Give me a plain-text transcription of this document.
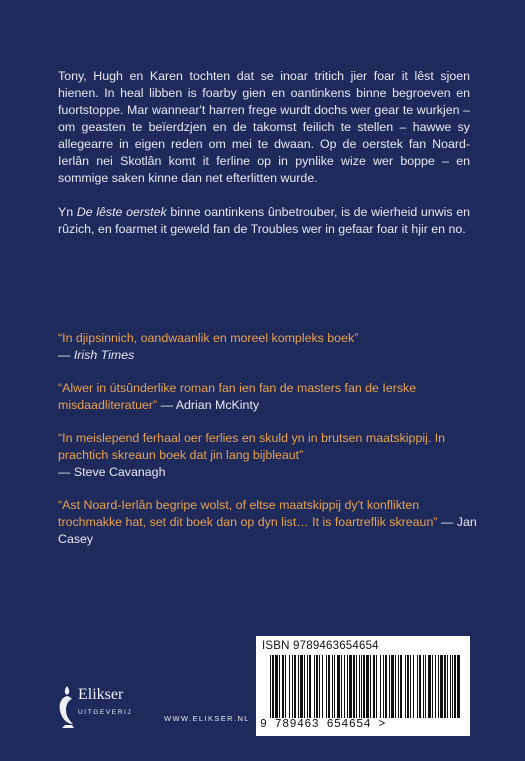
Tony, Hugh en Karen tochten dat se inoar tritich jier foar it lêst sjoen hienen. In heal libben is foarby gien en oantinkens binne begroeven en fuortstoppe. Mar wannear't harren frege wurdt dochs wer gear te wurkjen – om geasten te beïerdzjen en de takomst feilich te stellen – hawwe sy allegearre in eigen reden om mei te dwaan. Op de oerstek fan Noard-Ierlân nei Skotlân komt it ferline op in pynlike wize wer boppe – en sommige saken kinne dan net efterlitten wurde.

Yn De lêste oerstek binne oantinkens ûnbetrouber, is de wierheid unwis en rûzich, en foarmet it geweld fan de Troubles wer in gefaar foar it hjir en no.

“In djipsinnich, oandwaanlik en moreel kompleks boek”
— Irish Times
“Alwer in útsûnderlike roman fan ien fan de masters fan de Ierske misdaadliteratuer” — Adrian McKinty
“In meislepend ferhaal oer ferlies en skuld yn in brutsen maatskippij. In prachtich skreaun boek dat jin lang bijbleaut”
— Steve Cavanagh
“Ast Noard-Ierlân begripe wolst, of eltse maatskippij dy't konflikten trochmakke hat, set dit boek dan op dyn list… It is foartreflik skreaun” — Jan Casey
Elikser
UITGEVERIJ
WWW.ELIKSER.NL
ISBN 9789463654654
9 789463 654654 >
